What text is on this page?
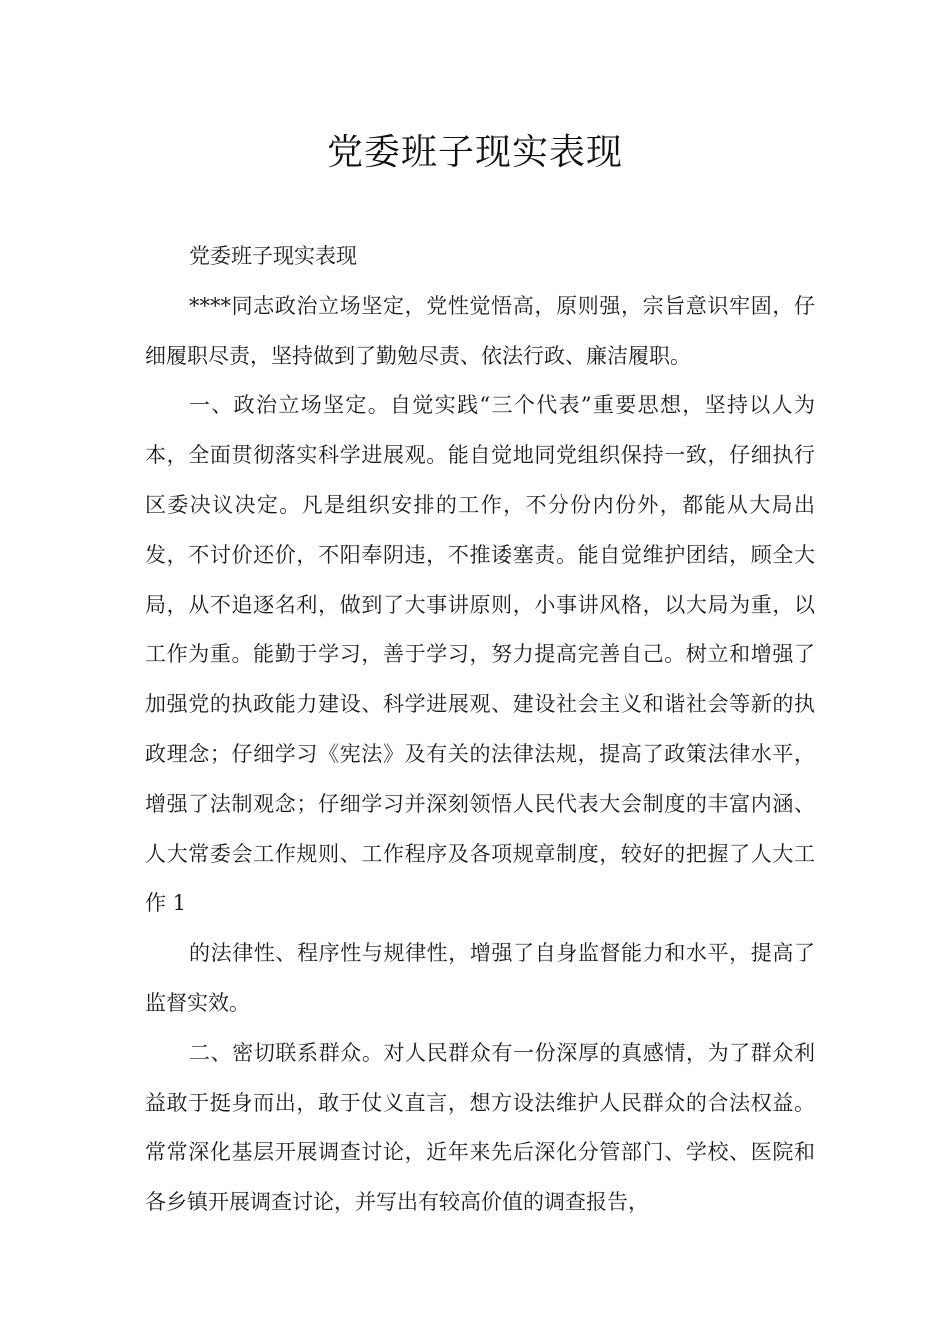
党委班子现实表现

党委班子现实表现

****同志政治立场坚定，党性觉悟高，原则强，宗旨意识牢固，仔细履职尽责，坚持做到了勤勉尽责、依法行政、廉洁履职。

一、政治立场坚定。自觉实践“三个代表”重要思想，坚持以人为本，全面贯彻落实科学进展观。能自觉地同党组织保持一致，仔细执行区委决议决定。凡是组织安排的工作，不分份内份外，都能从大局出发，不讨价还价，不阳奉阴违，不推诿塞责。能自觉维护团结，顾全大局，从不追逐名利，做到了大事讲原则，小事讲风格，以大局为重，以工作为重。能勤于学习，善于学习，努力提高完善自己。树立和增强了加强党的执政能力建设、科学进展观、建设社会主义和谐社会等新的执政理念；仔细学习《宪法》及有关的法律法规，提高了政策法律水平，增强了法制观念；仔细学习并深刻领悟人民代表大会制度的丰富内涵、人大常委会工作规则、工作程序及各项规章制度，较好的把握了人大工作 1

的法律性、程序性与规律性，增强了自身监督能力和水平，提高了监督实效。

二、密切联系群众。对人民群众有一份深厚的真感情，为了群众利益敢于挺身而出，敢于仗义直言，想方设法维护人民群众的合法权益。常常深化基层开展调查讨论，近年来先后深化分管部门、学校、医院和各乡镇开展调查讨论，并写出有较高价值的调查报告，
